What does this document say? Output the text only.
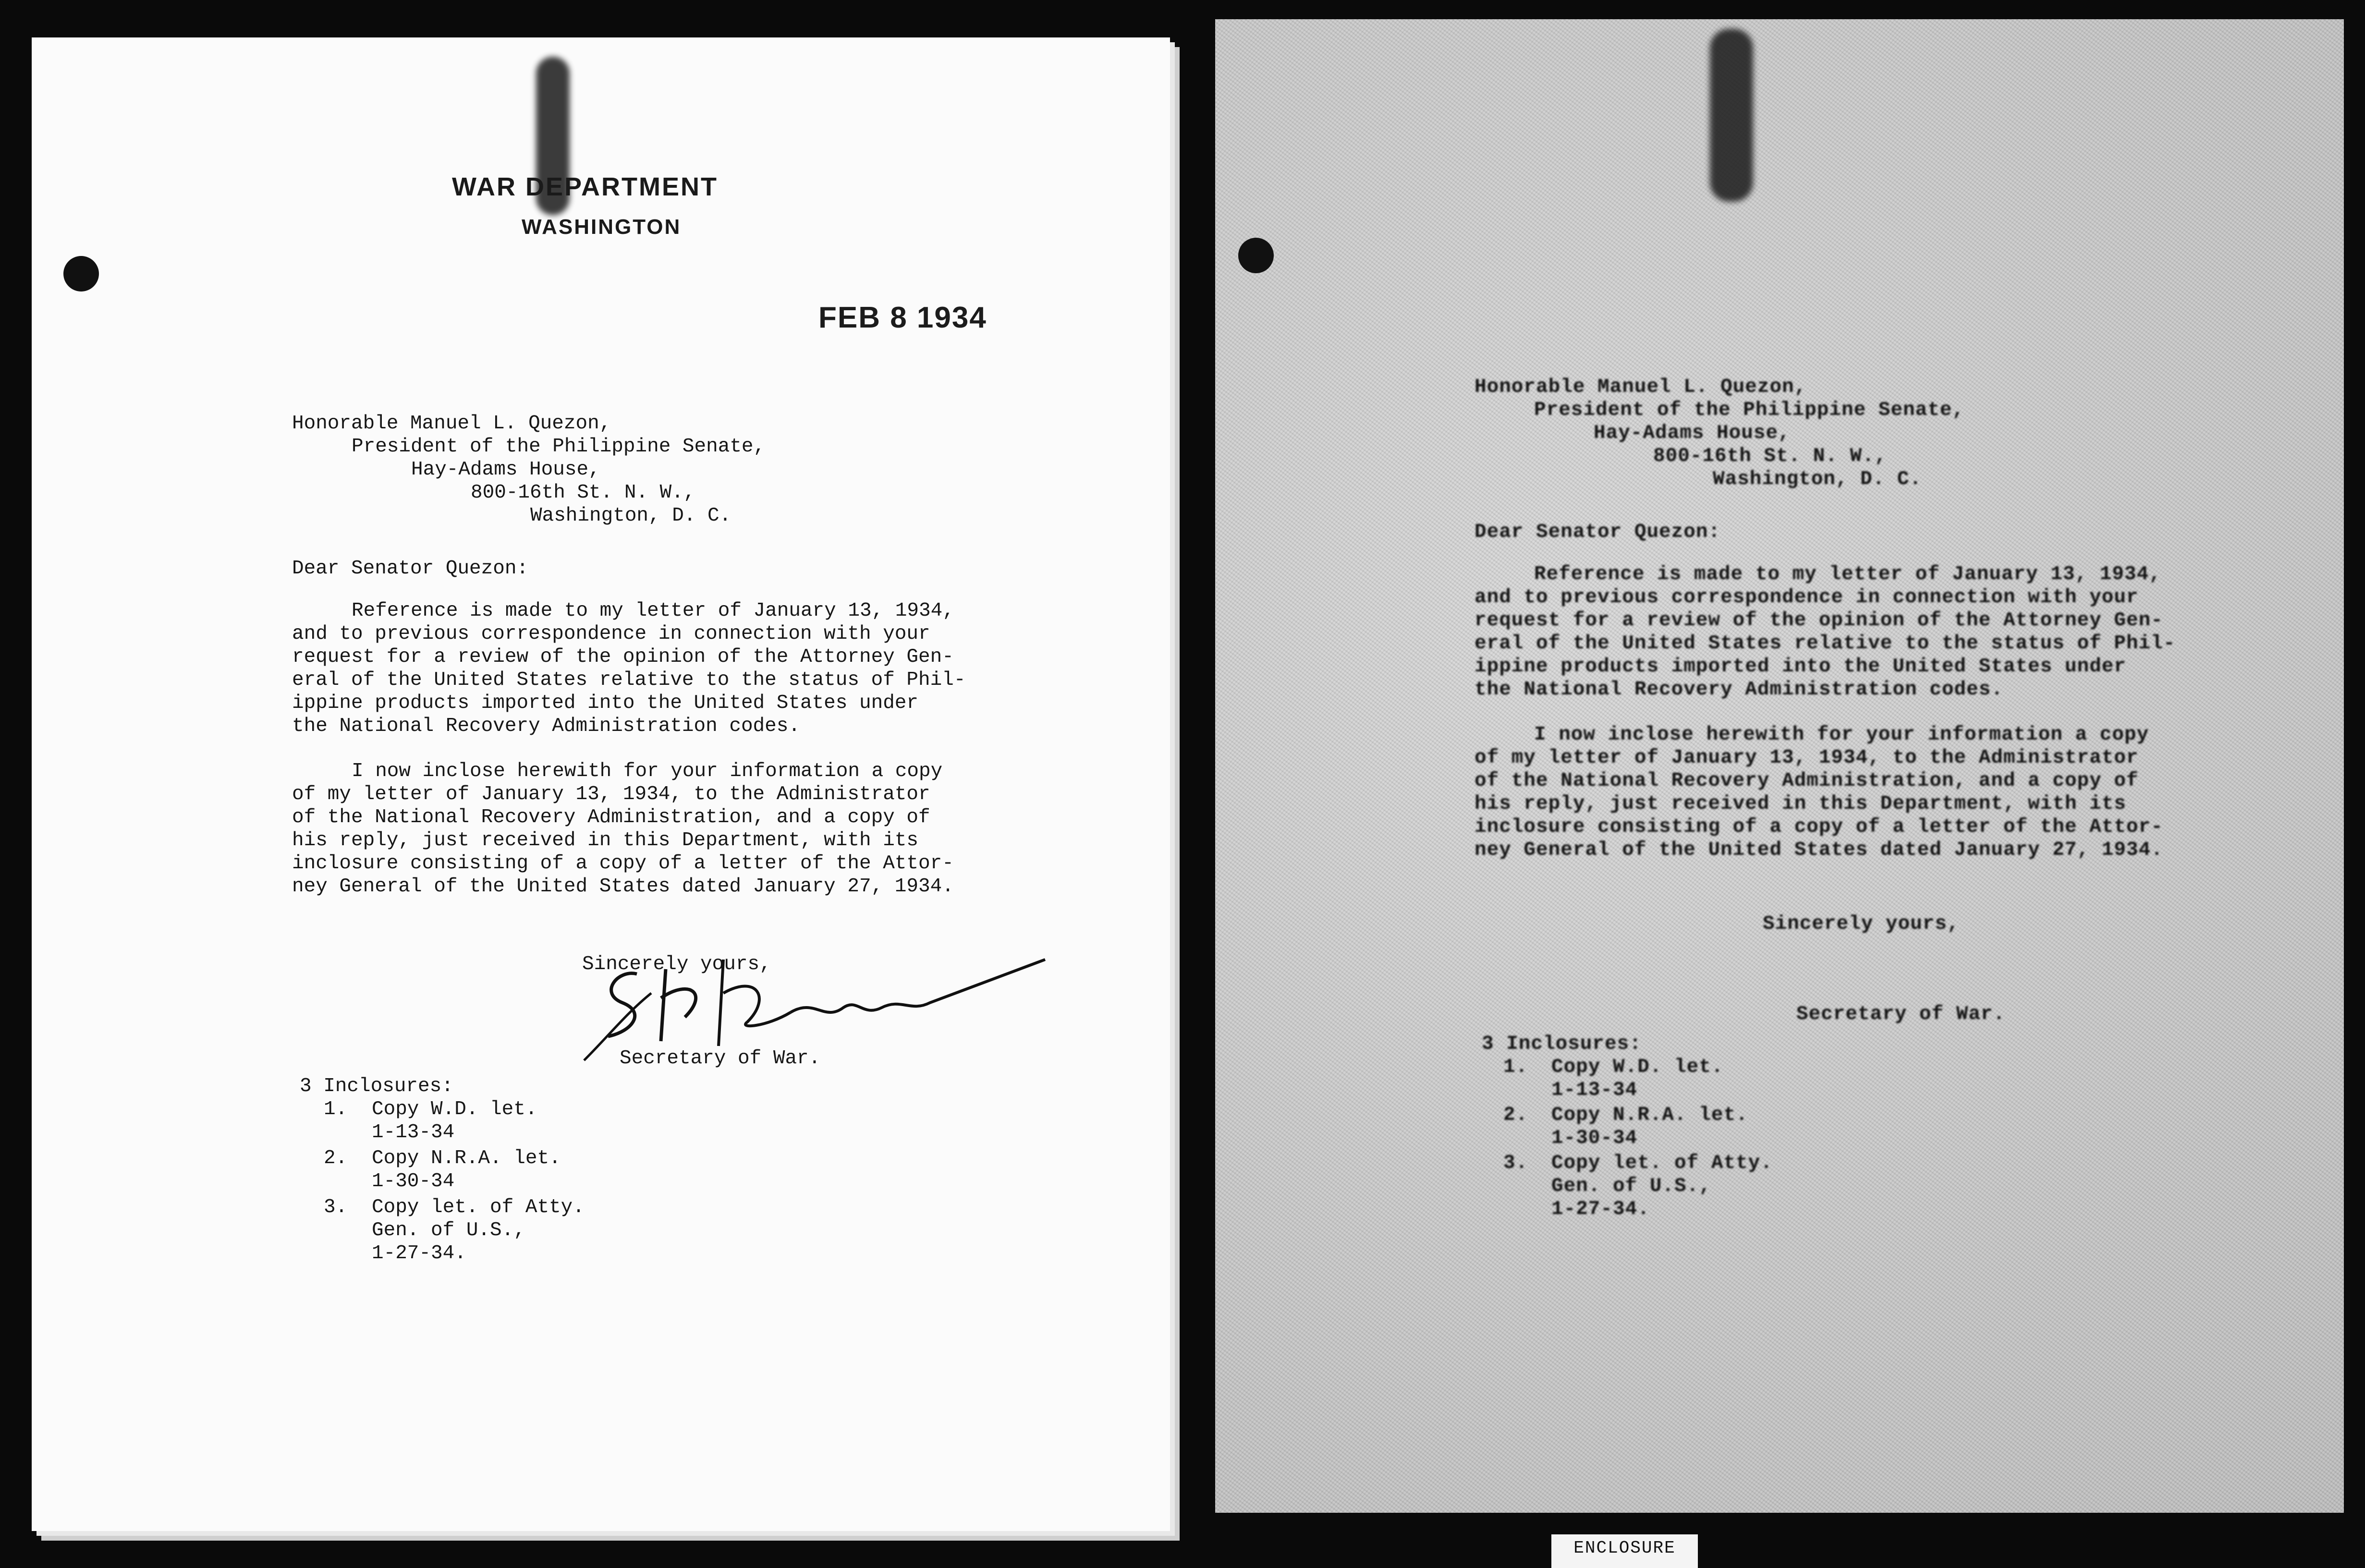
WAR DEPARTMENT
WASHINGTON
FEB 8 1934
Honorable Manuel L. Quezon,
President of the Philippine Senate,
Hay-Adams House,
800-16th St. N. W.,
Washington, D. C.
Dear Senator Quezon:
Reference is made to my letter of January 13, 1934,
and to previous correspondence in connection with your
request for a review of the opinion of the Attorney Gen-
eral of the United States relative to the status of Phil-
ippine products imported into the United States under
the National Recovery Administration codes.
I now inclose herewith for your information a copy
of my letter of January 13, 1934, to the Administrator
of the National Recovery Administration, and a copy of
his reply, just received in this Department, with its
inclosure consisting of a copy of a letter of the Attor-
ney General of the United States dated January 27, 1934.
Sincerely yours,
Secretary of War.
3 Inclosures:
1. Copy W.D. let.
1-13-34
2. Copy N.R.A. let.
1-30-34
3. Copy let. of Atty.
Gen. of U.S.,
1-27-34.
Honorable Manuel L. Quezon,
President of the Philippine Senate,
Hay-Adams House,
800-16th St. N. W.,
Washington, D. C.
Dear Senator Quezon:
Reference is made to my letter of January 13, 1934,
and to previous correspondence in connection with your
request for a review of the opinion of the Attorney Gen-
eral of the United States relative to the status of Phil-
ippine products imported into the United States under
the National Recovery Administration codes.
I now inclose herewith for your information a copy
of my letter of January 13, 1934, to the Administrator
of the National Recovery Administration, and a copy of
his reply, just received in this Department, with its
inclosure consisting of a copy of a letter of the Attor-
ney General of the United States dated January 27, 1934.
Sincerely yours,
Secretary of War.
3 Inclosures:
1. Copy W.D. let.
1-13-34
2. Copy N.R.A. let.
1-30-34
3. Copy let. of Atty.
Gen. of U.S.,
1-27-34.
ENCLOSURE
